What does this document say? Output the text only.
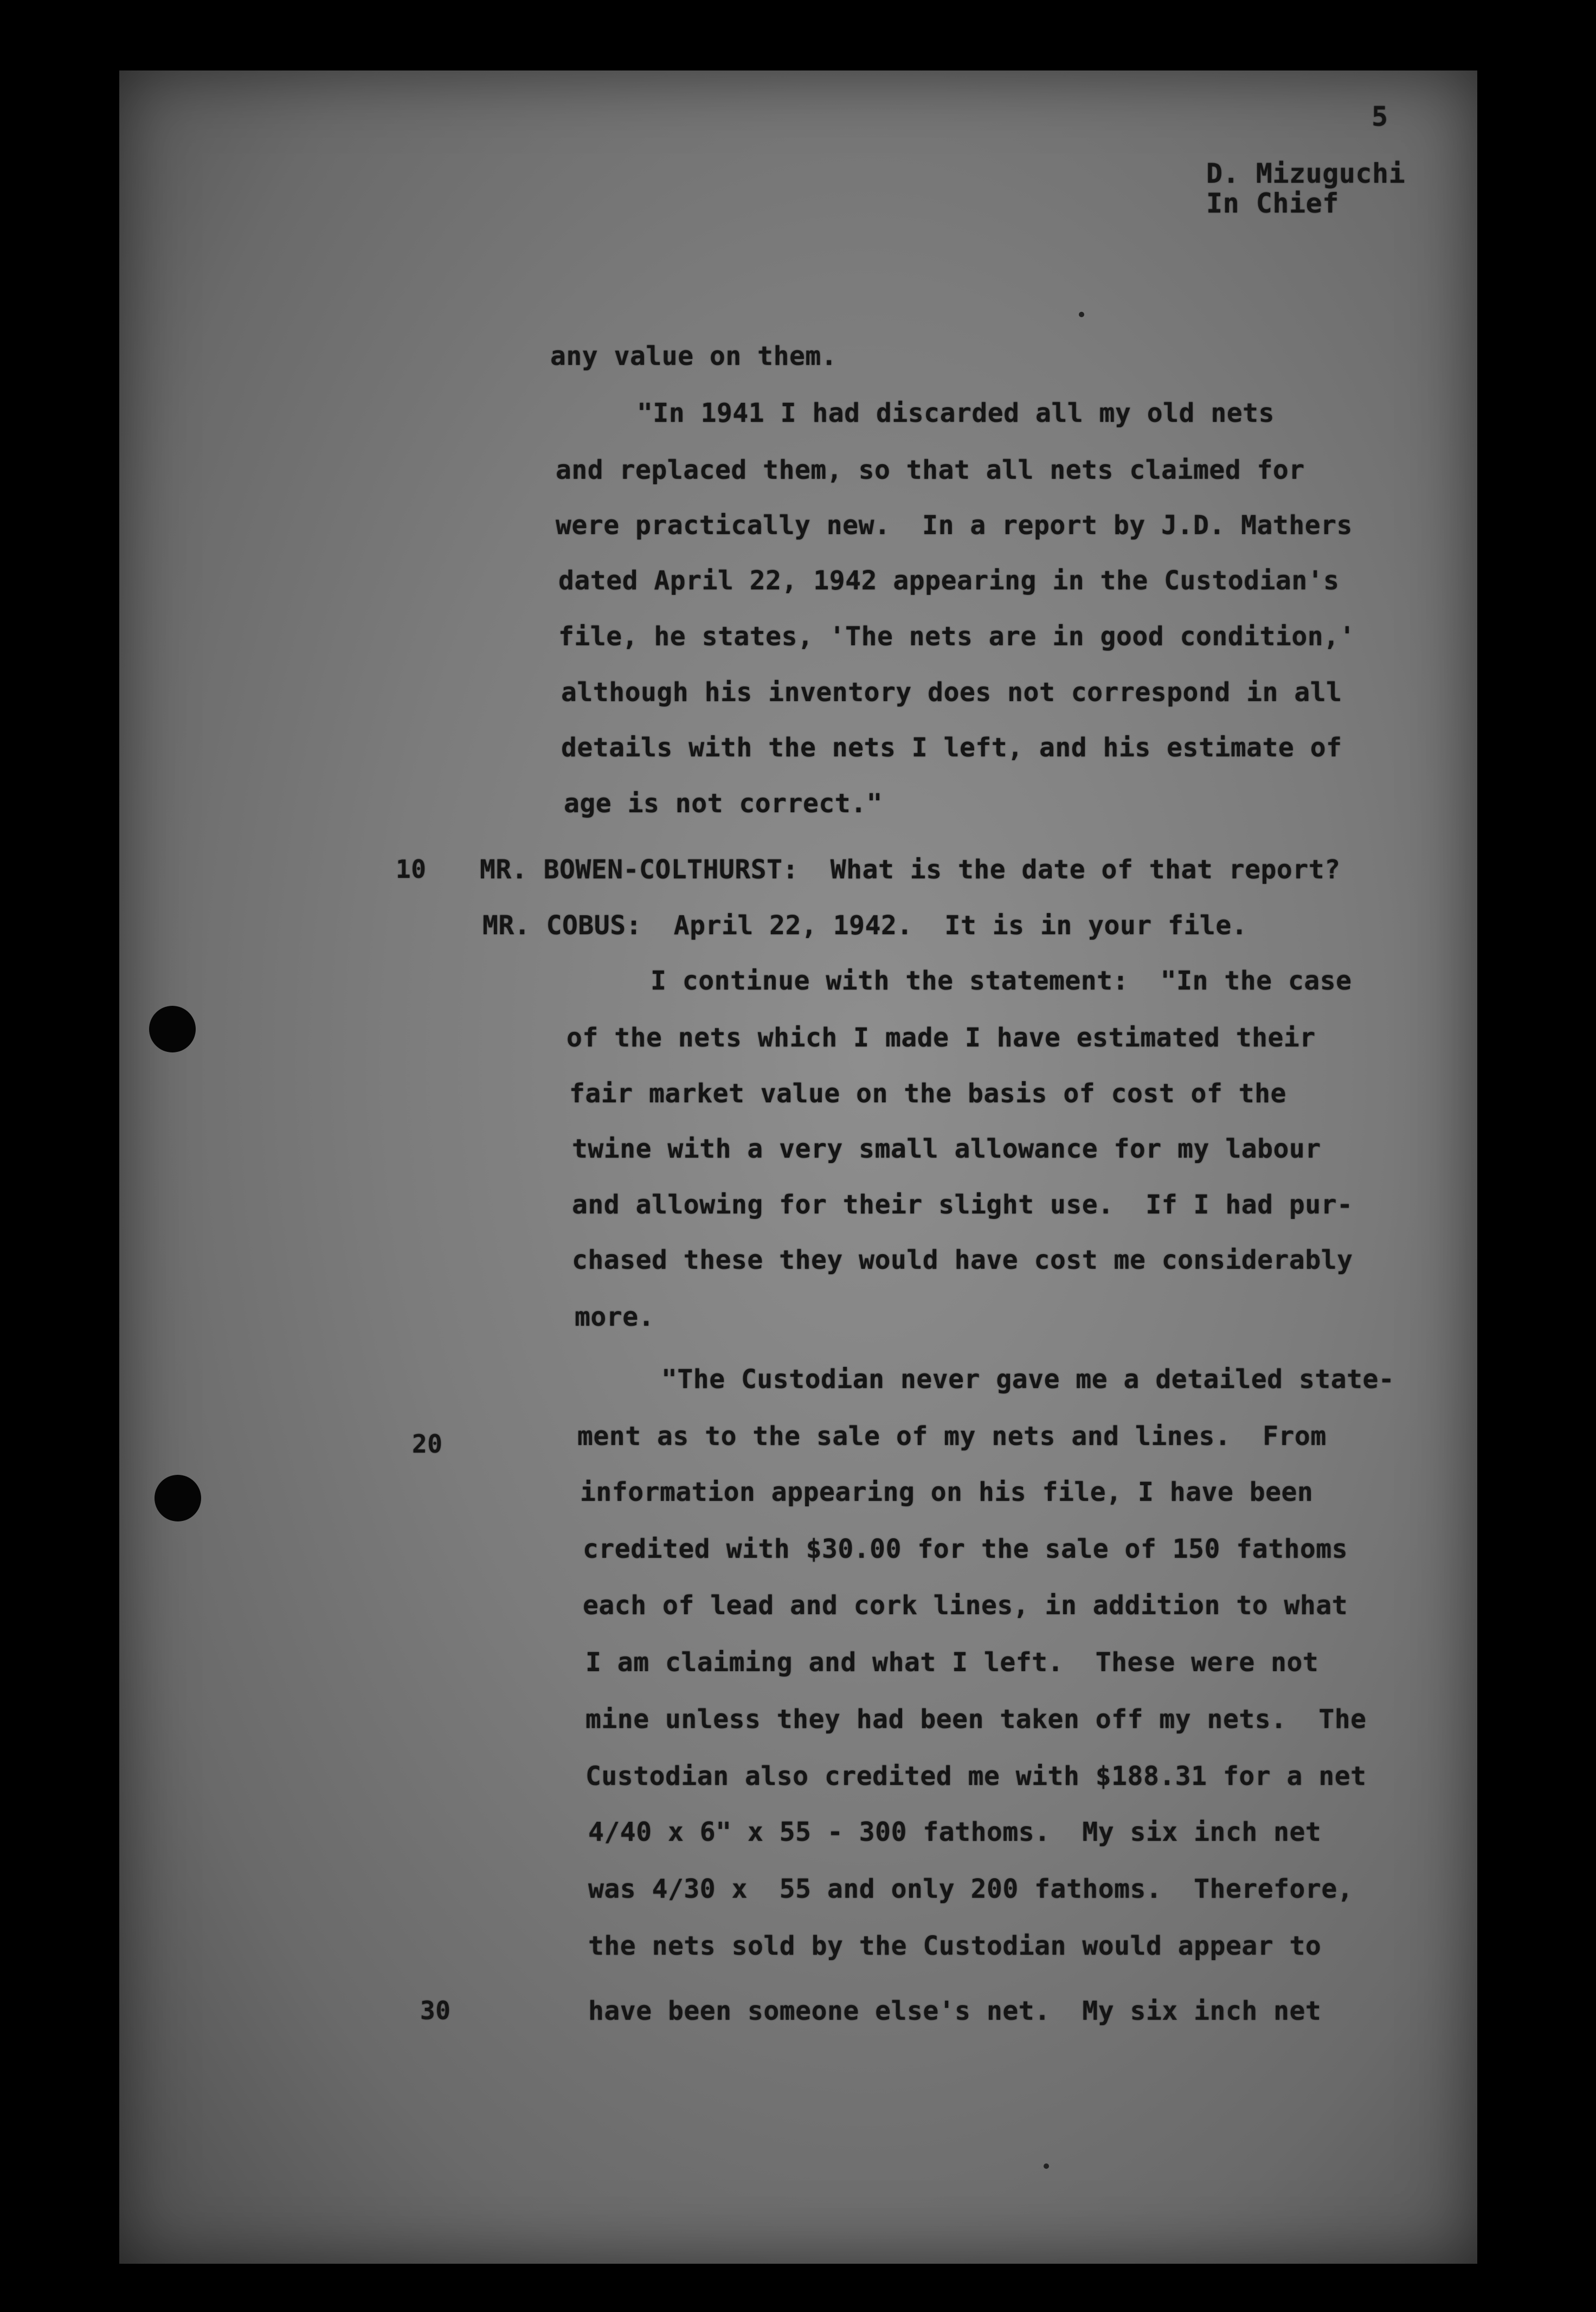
5
D. Mizuguchi
In Chief
10
20
30
any value on them.
"In 1941 I had discarded all my old nets
and replaced them, so that all nets claimed for
were practically new.  In a report by J.D. Mathers
dated April 22, 1942 appearing in the Custodian's
file, he states, 'The nets are in good condition,'
although his inventory does not correspond in all
details with the nets I left, and his estimate of
age is not correct."
MR. BOWEN-COLTHURST:  What is the date of that report?
MR. COBUS:  April 22, 1942.  It is in your file.
I continue with the statement:  "In the case
of the nets which I made I have estimated their
fair market value on the basis of cost of the
twine with a very small allowance for my labour
and allowing for their slight use.  If I had pur-
chased these they would have cost me considerably
more.
"The Custodian never gave me a detailed state-
ment as to the sale of my nets and lines.  From
information appearing on his file, I have been
credited with $30.00 for the sale of 150 fathoms
each of lead and cork lines, in addition to what
I am claiming and what I left.  These were not
mine unless they had been taken off my nets.  The
Custodian also credited me with $188.31 for a net
4/40 x 6" x 55 - 300 fathoms.  My six inch net
was 4/30 x  55 and only 200 fathoms.  Therefore,
the nets sold by the Custodian would appear to
have been someone else's net.  My six inch net
